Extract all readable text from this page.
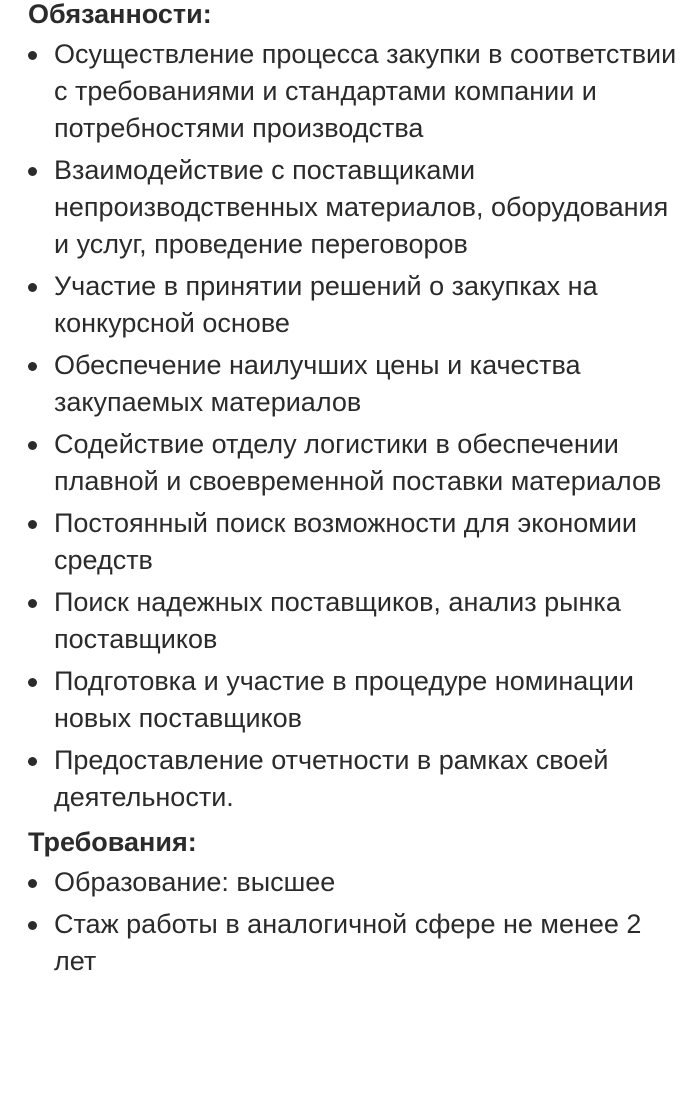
Обязанности:
Осуществление процесса закупки в соответствии с требованиями и стандартами компании и потребностями производства
Взаимодействие с поставщиками непроизводственных материалов, оборудования и услуг, проведение переговоров
Участие в принятии решений о закупках на конкурсной основе
Обеспечение наилучших цены и качества закупаемых материалов
Содействие отделу логистики в обеспечении плавной и своевременной поставки материалов
Постоянный поиск возможности для экономии средств
Поиск надежных поставщиков, анализ рынка поставщиков
Подготовка и участие в процедуре номинации новых поставщиков
Предоставление отчетности в рамках своей деятельности.
Требования:
Образование: высшее
Стаж работы в аналогичной сфере не менее 2 лет
